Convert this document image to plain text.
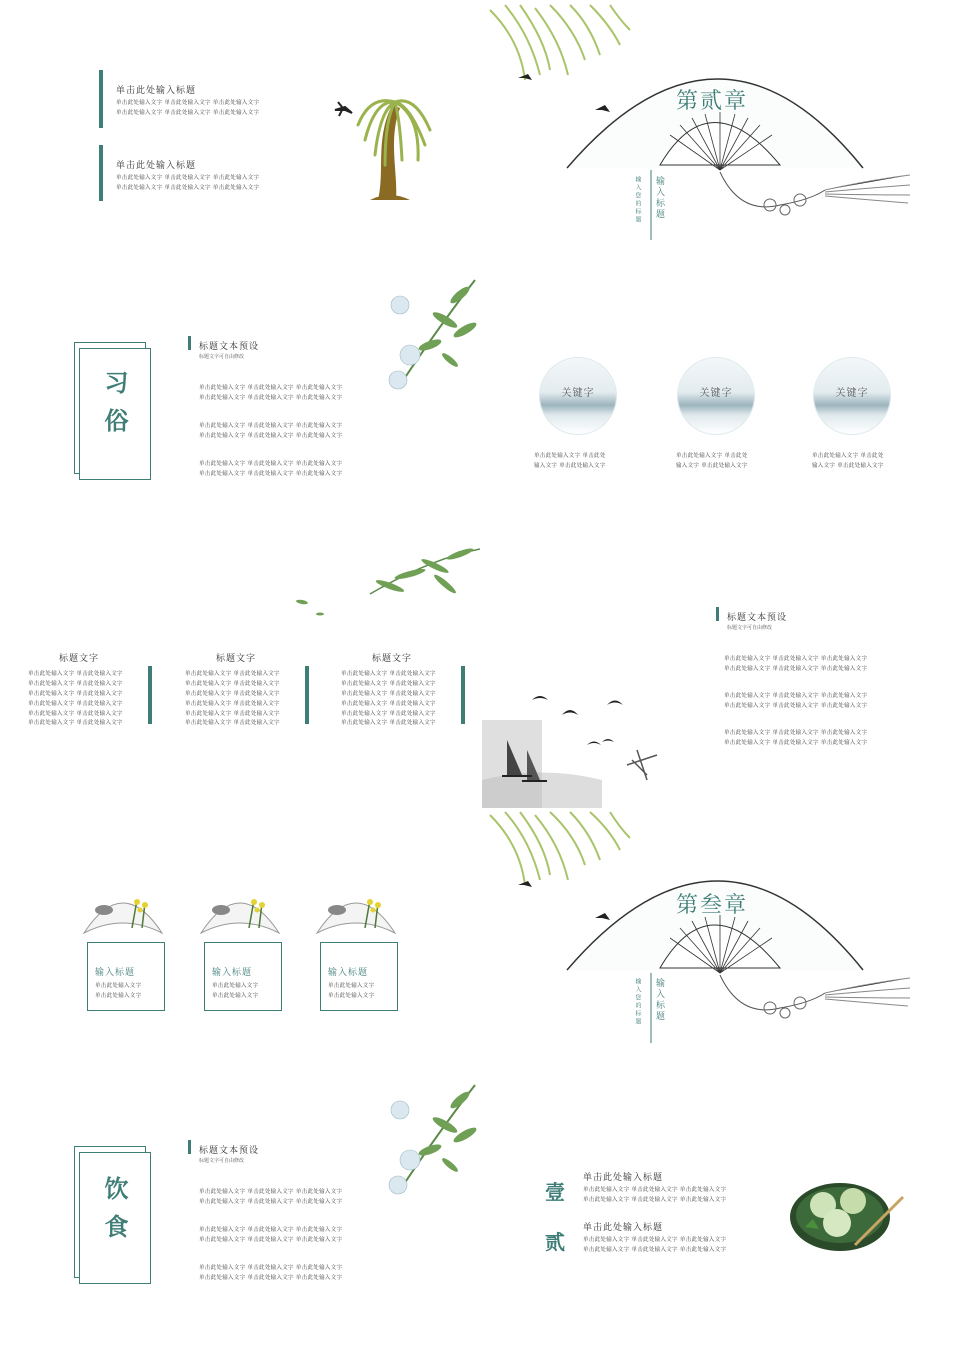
单击此处输入标题
单击此处输入文字 单击此处输入文字 单击此处输入文字
单击此处输入文字 单击此处输入文字 单击此处输入文字
单击此处输入标题
单击此处输入文字 单击此处输入文字 单击此处输入文字
单击此处输入文字 单击此处输入文字 单击此处输入文字
第贰章
输入标题
输入您的标题
习俗
标题文本预设
标题文字可自由修改
单击此处输入文字 单击此处输入文字 单击此处输入文字
单击此处输入文字 单击此处输入文字 单击此处输入文字
单击此处输入文字 单击此处输入文字 单击此处输入文字
单击此处输入文字 单击此处输入文字 单击此处输入文字
单击此处输入文字 单击此处输入文字 单击此处输入文字
单击此处输入文字 单击此处输入文字 单击此处输入文字
关键字
单击此处输入文字 单击此处
输入文字 单击此处输入文字
关键字
单击此处输入文字 单击此处
输入文字 单击此处输入文字
关键字
单击此处输入文字 单击此处
输入文字 单击此处输入文字
标题文字
单击此处输入文字 单击此处输入文字
单击此处输入文字 单击此处输入文字
单击此处输入文字 单击此处输入文字
单击此处输入文字 单击此处输入文字
单击此处输入文字 单击此处输入文字
单击此处输入文字 单击此处输入文字
标题文字
单击此处输入文字 单击此处输入文字
单击此处输入文字 单击此处输入文字
单击此处输入文字 单击此处输入文字
单击此处输入文字 单击此处输入文字
单击此处输入文字 单击此处输入文字
单击此处输入文字 单击此处输入文字
标题文字
单击此处输入文字 单击此处输入文字
单击此处输入文字 单击此处输入文字
单击此处输入文字 单击此处输入文字
单击此处输入文字 单击此处输入文字
单击此处输入文字 单击此处输入文字
单击此处输入文字 单击此处输入文字
标题文本预设
标题文字可自由修改
单击此处输入文字 单击此处输入文字 单击此处输入文字
单击此处输入文字 单击此处输入文字 单击此处输入文字
单击此处输入文字 单击此处输入文字 单击此处输入文字
单击此处输入文字 单击此处输入文字 单击此处输入文字
单击此处输入文字 单击此处输入文字 单击此处输入文字
单击此处输入文字 单击此处输入文字 单击此处输入文字
输入标题
单击此处输入文字
单击此处输入文字
输入标题
单击此处输入文字
单击此处输入文字
输入标题
单击此处输入文字
单击此处输入文字
第叁章
输入标题
输入您的标题
饮食
标题文本预设
标题文字可自由修改
单击此处输入文字 单击此处输入文字 单击此处输入文字
单击此处输入文字 单击此处输入文字 单击此处输入文字
单击此处输入文字 单击此处输入文字 单击此处输入文字
单击此处输入文字 单击此处输入文字 单击此处输入文字
单击此处输入文字 单击此处输入文字 单击此处输入文字
单击此处输入文字 单击此处输入文字 单击此处输入文字
壹
单击此处输入标题
单击此处输入文字 单击此处输入文字 单击此处输入文字
单击此处输入文字 单击此处输入文字 单击此处输入文字
贰
单击此处输入标题
单击此处输入文字 单击此处输入文字 单击此处输入文字
单击此处输入文字 单击此处输入文字 单击此处输入文字
